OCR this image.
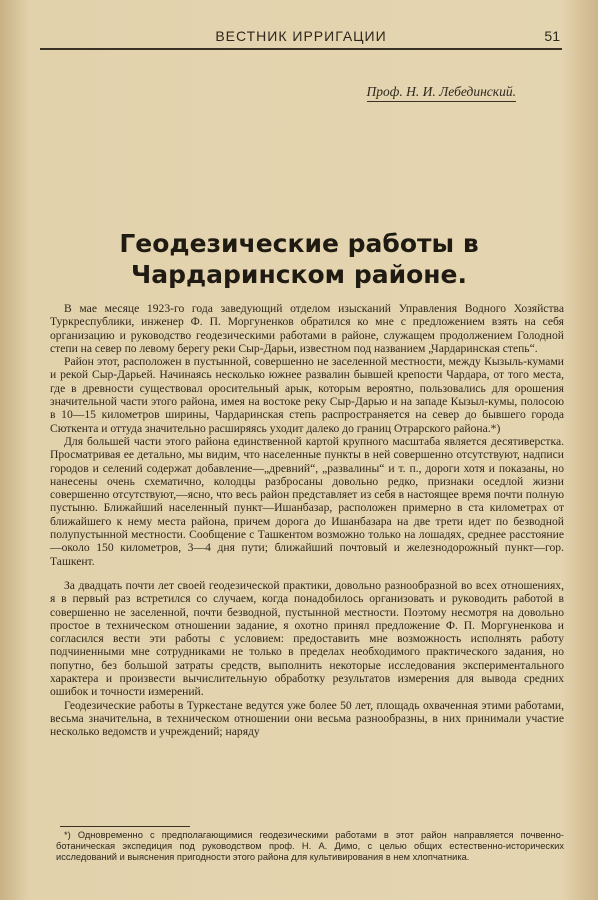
ВЕСТНИК ИРРИГАЦИИ	51
Проф. Н. И. Лебединский.
Геодезические работы в Чардаринском районе.

В мае месяце 1923-го года заведующий отделом изысканий Управления Водного Хозяйства Туркреспублики, инженер Ф. П. Моргуненков обратился ко мне с предложением взять на себя организацию и руководство геодезическими работами в районе, служащем продолжением Голодной степи на север по левому берегу реки Сыр-Дарьи, известном под названием „Чардаринская степь“.

Район этот, расположен в пустынной, совершенно не заселенной местности, между Кызыль-кумами и рекой Сыр-Дарьей. Начинаясь несколько южнее развалин бывшей крепости Чардара, от того места, где в древности существовал оросительный арык, которым вероятно, пользовались для орошения значительной части этого района, имея на востоке реку Сыр-Дарью и на западе Кызыл-кумы, полосою в 10—15 километров ширины, Чардаринская степь распространяется на север до бывшего города Сюткента и оттуда значительно расширяясь уходит далеко до границ Отрарского района.*)

Для большей части этого района единственной картой крупного масштаба является десятиверстка. Просматривая ее детально, мы видим, что населенные пункты в ней совершенно отсутствуют, надписи городов и селений содержат добавление—„древний“, „развалины“ и т. п., дороги хотя и показаны, но нанесены очень схематично, колодцы разбросаны довольно редко, признаки оседлой жизни совершенно отсутствуют,—ясно, что весь район представляет из себя в настоящее время почти полную пустыню. Ближайший населенный пункт—Ишанбазар, расположен примерно в ста километрах от ближайшего к нему места района, причем дорога до Ишанбазара на две трети идет по безводной полупустынной местности. Сообщение с Ташкентом возможно только на лошадях, среднее расстояние—около 150 километров, 3—4 дня пути; ближайший почтовый и железнодорожный пункт—гор. Ташкент.

За двадцать почти лет своей геодезической практики, довольно разнообразной во всех отношениях, я в первый раз встретился со случаем, когда понадобилось организовать и руководить работой в совершенно не заселенной, почти безводной, пустынной местности. Поэтому несмотря на довольно простое в техническом отношении задание, я охотно принял предложение Ф. П. Моргуненкова и согласился вести эти работы с условием: предоставить мне возможность исполнять работу подчиненными мне сотрудниками не только в пределах необходимого практического задания, но попутно, без большой затраты средств, выполнить некоторые исследования экспериментального характера и произвести вычислительную обработку результатов измерения для вывода средних ошибок и точности измерений.

Геодезические работы в Туркестане ведутся уже более 50 лет, площадь охваченная этими работами, весьма значительна, в техническом отношении они весьма разнообразны, в них принимали участие несколько ведомств и учреждений; наряду

*) Одновременно с предполагающимися геодезическими работами в этот район направляется почвенно-ботаническая экспедиция под руководством проф. Н. А. Димо, с целью общих естественно-исторических исследований и выяснения пригодности этого района для культивирования в нем хлопчатника.
